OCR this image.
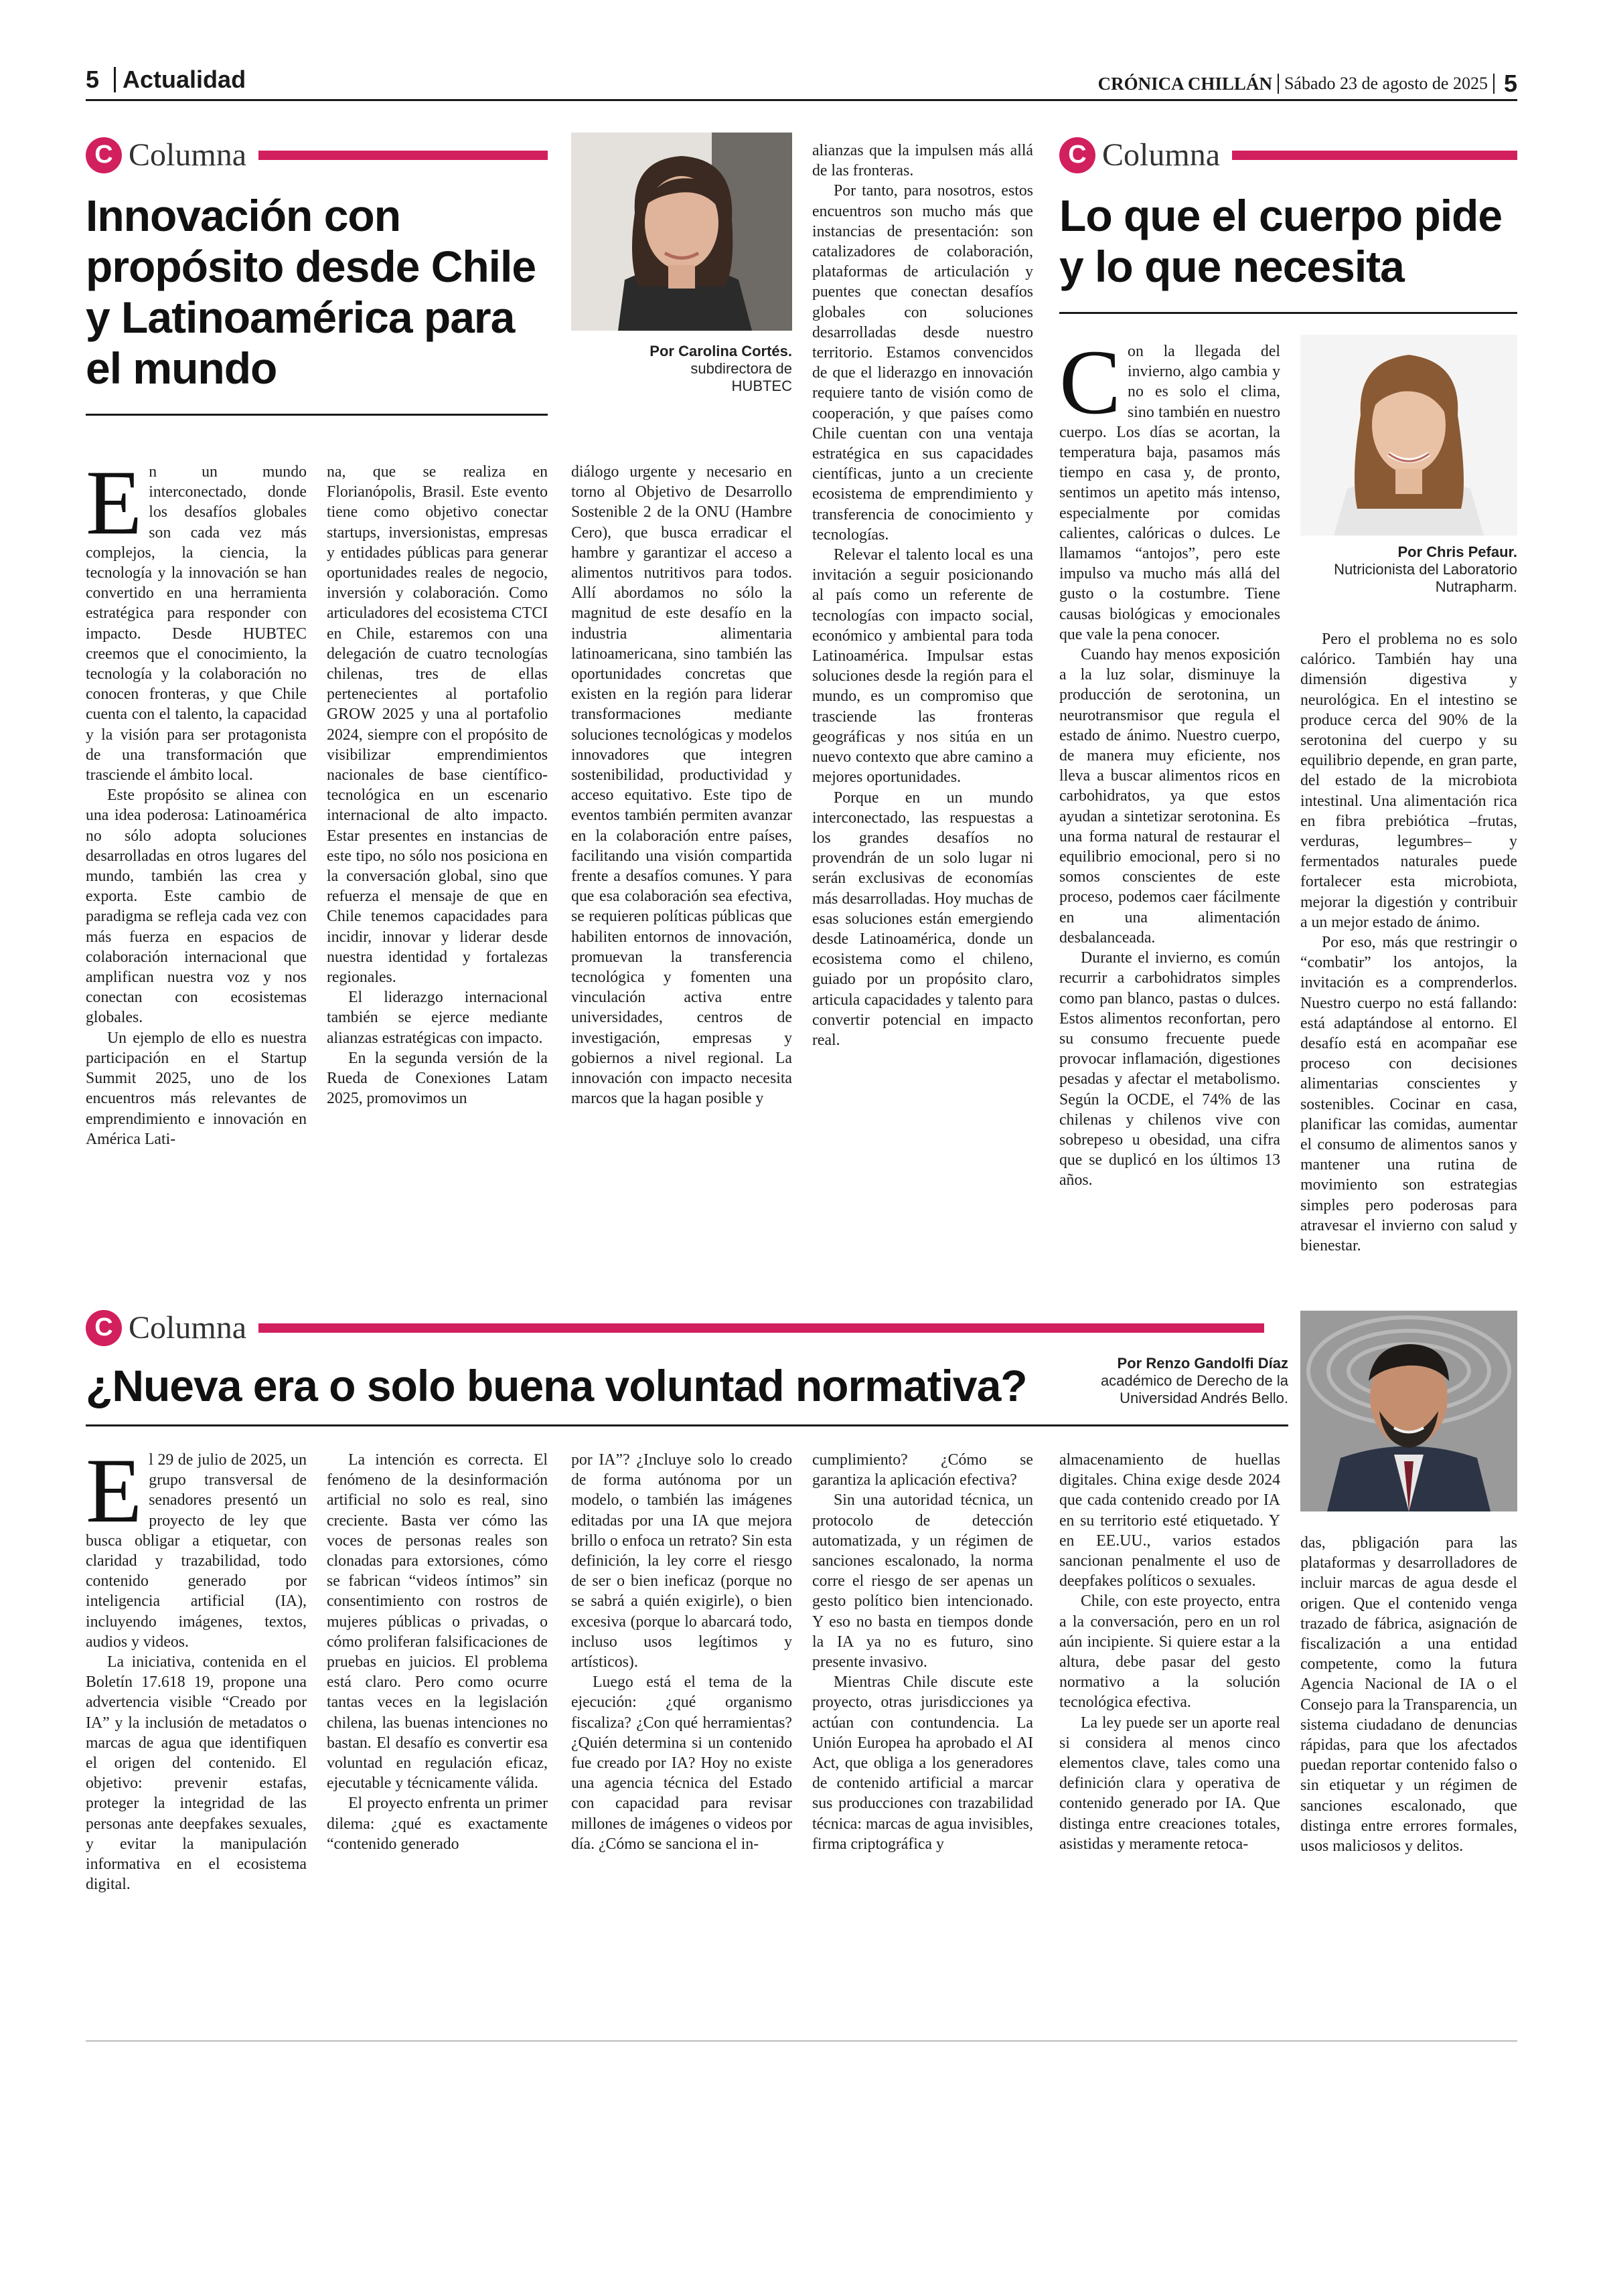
5 Actualidad	CRÓNICA CHILLÁN Sábado 23 de agosto de 2025 5
C Columna
Innovación con propósito desde Chile y Latinoamérica para el mundo	Por Carolina Cortés.
subdirectora de
HUBTEC

En un mundo interconectado, donde los desafíos globales son cada vez más complejos, la ciencia, la tecnología y la innovación se han convertido en una herramienta estratégica para responder con impacto. Desde HUBTEC creemos que el conocimiento, la tecnología y la colaboración no conocen fronteras, y que Chile cuenta con el talento, la capacidad y la visión para ser protagonista de una transformación que trasciende el ámbito local.

Este propósito se alinea con una idea poderosa: Latinoamérica no sólo adopta soluciones desarrolladas en otros lugares del mundo, también las crea y exporta. Este cambio de paradigma se refleja cada vez con más fuerza en espacios de colaboración internacional que amplifican nuestra voz y nos conectan con ecosistemas globales.

Un ejemplo de ello es nuestra participación en el Startup Summit 2025, uno de los encuentros más relevantes de emprendimiento e innovación en América Lati-

na, que se realiza en Florianópolis, Brasil. Este evento tiene como objetivo conectar startups, inversionistas, empresas y entidades públicas para generar oportunidades reales de negocio, inversión y colaboración. Como articuladores del ecosistema CTCI en Chile, estaremos con una delegación de cuatro tecnologías chilenas, tres de ellas pertenecientes al portafolio GROW 2025 y una al portafolio 2024, siempre con el propósito de visibilizar emprendimientos nacionales de base científico-tecnológica en un escenario internacional de alto impacto. Estar presentes en instancias de este tipo, no sólo nos posiciona en la conversación global, sino que refuerza el mensaje de que en Chile tenemos capacidades para incidir, innovar y liderar desde nuestra identidad y fortalezas regionales.

El liderazgo internacional también se ejerce mediante alianzas estratégicas con impacto.

En la segunda versión de la Rueda de Conexiones Latam 2025, promovimos un

diálogo urgente y necesario en torno al Objetivo de Desarrollo Sostenible 2 de la ONU (Hambre Cero), que busca erradicar el hambre y garantizar el acceso a alimentos nutritivos para todos. Allí abordamos no sólo la magnitud de este desafío en la industria alimentaria latinoamericana, sino también las oportunidades concretas que existen en la región para liderar transformaciones mediante soluciones tecnológicas y modelos innovadores que integren sostenibilidad, productividad y acceso equitativo. Este tipo de eventos también permiten avanzar en la colaboración entre países, facilitando una visión compartida frente a desafíos comunes. Y para que esa colaboración sea efectiva, se requieren políticas públicas que habiliten entornos de innovación, promuevan la transferencia tecnológica y fomenten una vinculación activa entre universidades, centros de investigación, empresas y gobiernos a nivel regional. La innovación con impacto necesita marcos que la hagan posible y

alianzas que la impulsen más allá de las fronteras.

Por tanto, para nosotros, estos encuentros son mucho más que instancias de presentación: son catalizadores de colaboración, plataformas de articulación y puentes que conectan desafíos globales con soluciones desarrolladas desde nuestro territorio. Estamos convencidos de que el liderazgo en innovación requiere tanto de visión como de cooperación, y que países como Chile cuentan con una ventaja estratégica en sus capacidades científicas, junto a un creciente ecosistema de emprendimiento y transferencia de conocimiento y tecnologías.

Relevar el talento local es una invitación a seguir posicionando al país como un referente de tecnologías con impacto social, económico y ambiental para toda Latinoamérica. Impulsar estas soluciones desde la región para el mundo, es un compromiso que trasciende las fronteras geográficas y nos sitúa en un nuevo contexto que abre camino a mejores oportunidades.

Porque en un mundo interconectado, las respuestas a los grandes desafíos no provendrán de un solo lugar ni serán exclusivas de economías más desarrolladas. Hoy muchas de esas soluciones están emergiendo desde Latinoamérica, donde un ecosistema como el chileno, guiado por un propósito claro, articula capacidades y talento para convertir potencial en impacto real.

C Columna
Lo que el cuerpo pide y lo que necesita

Con la llegada del invierno, algo cambia y no es solo el clima, sino también en nuestro cuerpo. Los días se acortan, la temperatura baja, pasamos más tiempo en casa y, de pronto, sentimos un apetito más intenso, especialmente por comidas calientes, calóricas o dulces. Le llamamos “antojos”, pero este impulso va mucho más allá del gusto o la costumbre. Tiene causas biológicas y emocionales que vale la pena conocer.

Cuando hay menos exposición a la luz solar, disminuye la producción de serotonina, un neurotransmisor que regula el estado de ánimo. Nuestro cuerpo, de manera muy eficiente, nos lleva a buscar alimentos ricos en carbohidratos, ya que estos ayudan a sintetizar serotonina. Es una forma natural de restaurar el equilibrio emocional, pero si no somos conscientes de este proceso, podemos caer fácilmente en una alimentación desbalanceada.

Durante el invierno, es común recurrir a carbohidratos simples como pan blanco, pastas o dulces. Estos alimentos reconfortan, pero su consumo frecuente puede provocar inflamación, digestiones pesadas y afectar el metabolismo. Según la OCDE, el 74% de las chilenas y chilenos vive con sobrepeso u obesidad, una cifra que se duplicó en los últimos 13 años.

Por Chris Pefaur.
Nutricionista del Laboratorio
Nutrapharm.

Pero el problema no es solo calórico. También hay una dimensión digestiva y neurológica. En el intestino se produce cerca del 90% de la serotonina del cuerpo y su equilibrio depende, en gran parte, del estado de la microbiota intestinal. Una alimentación rica en fibra prebiótica –frutas, verduras, legumbres– y fermentados naturales puede fortalecer esta microbiota, mejorar la digestión y contribuir a un mejor estado de ánimo.

Por eso, más que restringir o “combatir” los antojos, la invitación es a comprenderlos. Nuestro cuerpo no está fallando: está adaptándose al entorno. El desafío está en acompañar ese proceso con decisiones alimentarias conscientes y sostenibles. Cocinar en casa, planificar las comidas, aumentar el consumo de alimentos sanos y mantener una rutina de movimiento son estrategias simples pero poderosas para atravesar el invierno con salud y bienestar.

C Columna
¿Nueva era o solo buena voluntad normativa?	Por Renzo Gandolfi Díaz
académico de Derecho de la
Universidad Andrés Bello.

El 29 de julio de 2025, un grupo transversal de senadores presentó un proyecto de ley que busca obligar a etiquetar, con claridad y trazabilidad, todo contenido generado por inteligencia artificial (IA), incluyendo imágenes, textos, audios y videos.

La iniciativa, contenida en el Boletín 17.618 19, propone una advertencia visible “Creado por IA” y la inclusión de metadatos o marcas de agua que identifiquen el origen del contenido. El objetivo: prevenir estafas, proteger la integridad de las personas ante deepfakes sexuales, y evitar la manipulación informativa en el ecosistema digital.

La intención es correcta. El fenómeno de la desinformación artificial no solo es real, sino creciente. Basta ver cómo las voces de personas reales son clonadas para extorsiones, cómo se fabrican “videos íntimos” sin consentimiento con rostros de mujeres públicas o privadas, o cómo proliferan falsificaciones de pruebas en juicios. El problema está claro. Pero como ocurre tantas veces en la legislación chilena, las buenas intenciones no bastan. El desafío es convertir esa voluntad en regulación eficaz, ejecutable y técnicamente válida.

El proyecto enfrenta un primer dilema: ¿qué es exactamente “contenido generado

por IA”? ¿Incluye solo lo creado de forma autónoma por un modelo, o también las imágenes editadas por una IA que mejora brillo o enfoca un retrato? Sin esta definición, la ley corre el riesgo de ser o bien ineficaz (porque no se sabrá a quién exigirle), o bien excesiva (porque lo abarcará todo, incluso usos legítimos y artísticos).

Luego está el tema de la ejecución: ¿qué organismo fiscaliza? ¿Con qué herramientas? ¿Quién determina si un contenido fue creado por IA? Hoy no existe una agencia técnica del Estado con capacidad para revisar millones de imágenes o videos por día. ¿Cómo se sanciona el in-

cumplimiento? ¿Cómo se garantiza la aplicación efectiva?

Sin una autoridad técnica, un protocolo de detección automatizada, y un régimen de sanciones escalonado, la norma corre el riesgo de ser apenas un gesto político bien intencionado. Y eso no basta en tiempos donde la IA ya no es futuro, sino presente invasivo.

Mientras Chile discute este proyecto, otras jurisdicciones ya actúan con contundencia. La Unión Europea ha aprobado el AI Act, que obliga a los generadores de contenido artificial a marcar sus producciones con trazabilidad técnica: marcas de agua invisibles, firma criptográfica y

almacenamiento de huellas digitales. China exige desde 2024 que cada contenido creado por IA en su territorio esté etiquetado. Y en EE.UU., varios estados sancionan penalmente el uso de deepfakes políticos o sexuales.

Chile, con este proyecto, entra a la conversación, pero en un rol aún incipiente. Si quiere estar a la altura, debe pasar del gesto normativo a la solución tecnológica efectiva.

La ley puede ser un aporte real si considera al menos cinco elementos clave, tales como una definición clara y operativa de contenido generado por IA. Que distinga entre creaciones totales, asistidas y meramente retoca-

das, pbligación para las plataformas y desarrolladores de incluir marcas de agua desde el origen. Que el contenido venga trazado de fábrica, asignación de fiscalización a una entidad competente, como la futura Agencia Nacional de IA o el Consejo para la Transparencia, un sistema ciudadano de denuncias rápidas, para que los afectados puedan reportar contenido falso o sin etiquetar y un régimen de sanciones escalonado, que distinga entre errores formales, usos maliciosos y delitos.
